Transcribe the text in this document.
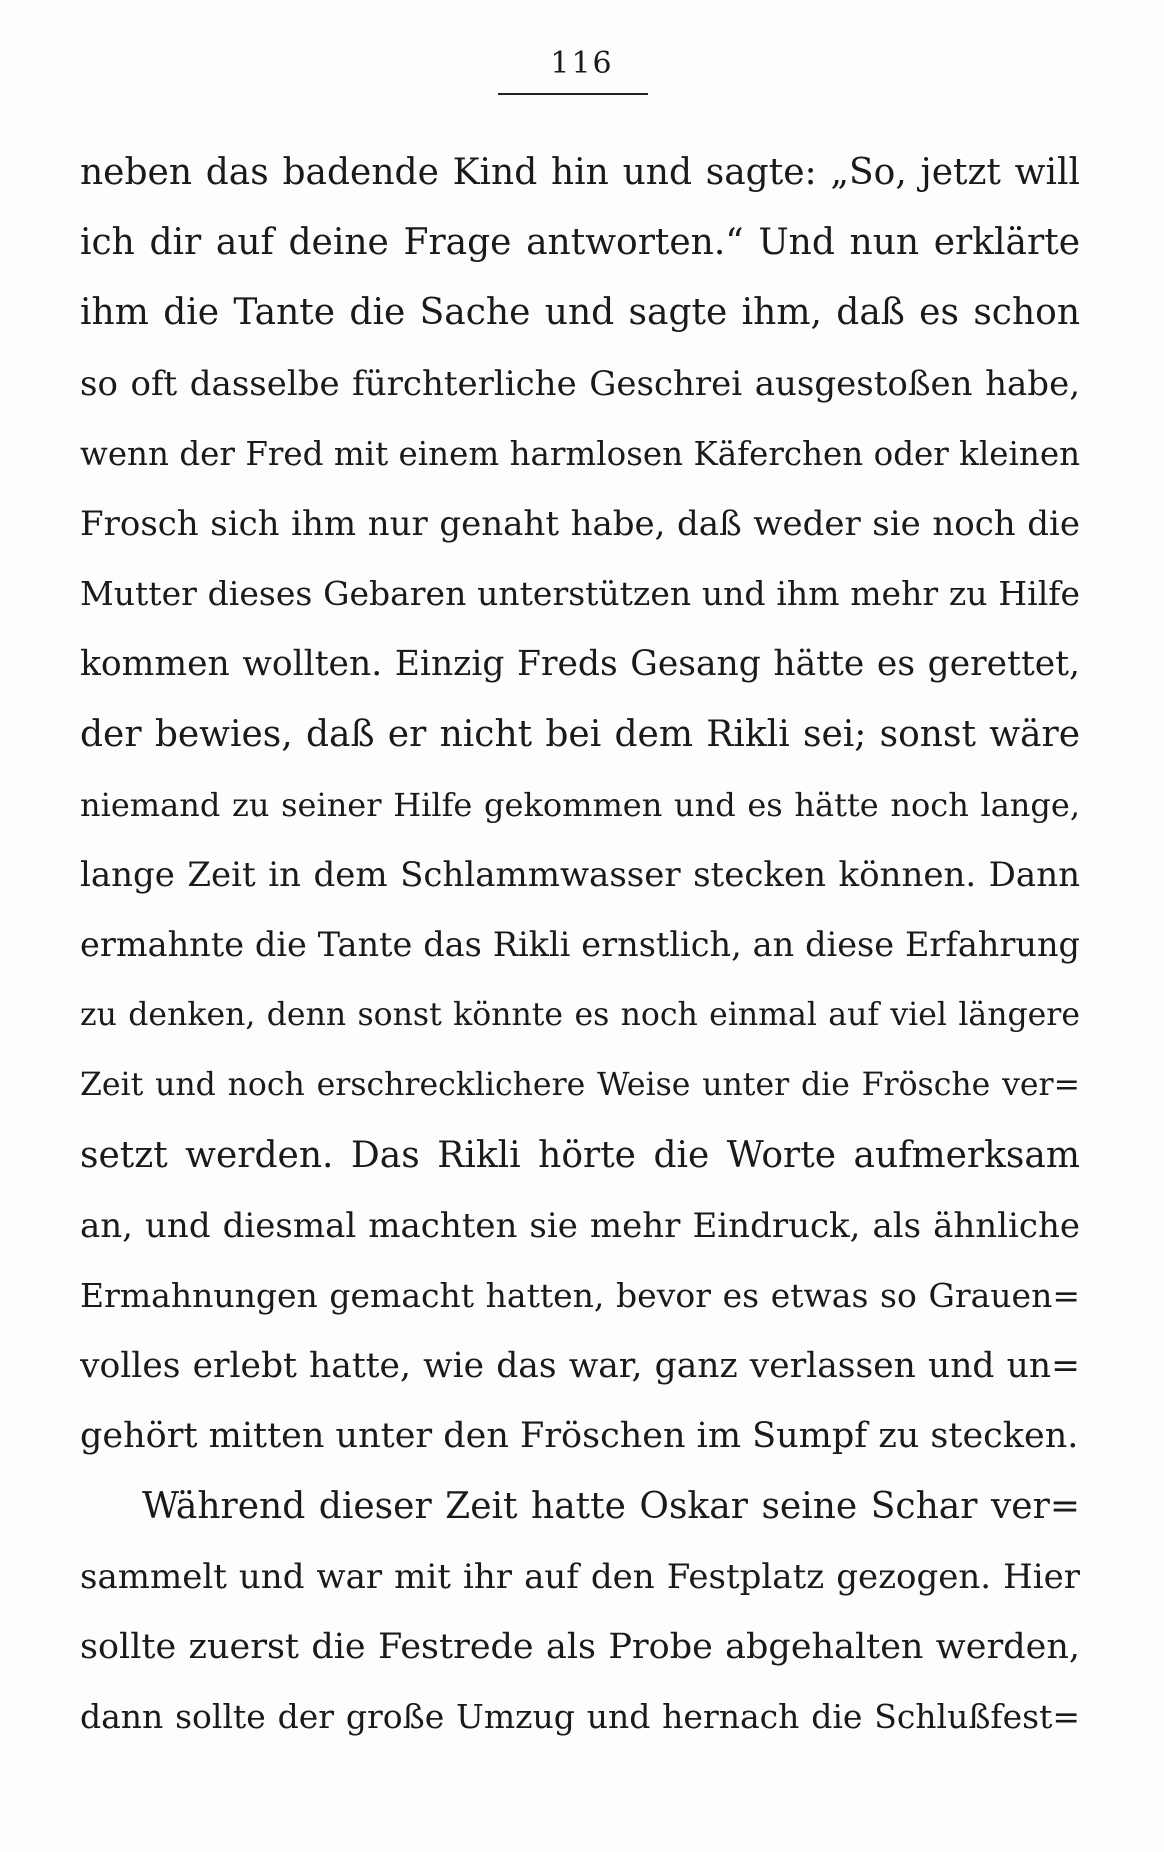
116
neben das badende Kind hin und sagte: „So, jetzt will
ich dir auf deine Frage antworten.“ Und nun erklärte
ihm die Tante die Sache und sagte ihm, daß es schon
so oft dasselbe fürchterliche Geschrei ausgestoßen habe,
wenn der Fred mit einem harmlosen Käferchen oder kleinen
Frosch sich ihm nur genaht habe, daß weder sie noch die
Mutter dieses Gebaren unterstützen und ihm mehr zu Hilfe
kommen wollten. Einzig Freds Gesang hätte es gerettet,
der bewies, daß er nicht bei dem Rikli sei; sonst wäre
niemand zu seiner Hilfe gekommen und es hätte noch lange,
lange Zeit in dem Schlammwasser stecken können. Dann
ermahnte die Tante das Rikli ernstlich, an diese Erfahrung
zu denken, denn sonst könnte es noch einmal auf viel längere
Zeit und noch erschrecklichere Weise unter die Frösche ver=
setzt werden. Das Rikli hörte die Worte aufmerksam
an, und diesmal machten sie mehr Eindruck, als ähnliche
Ermahnungen gemacht hatten, bevor es etwas so Grauen=
volles erlebt hatte, wie das war, ganz verlassen und un=
gehört mitten unter den Fröschen im Sumpf zu stecken.
Während dieser Zeit hatte Oskar seine Schar ver=
sammelt und war mit ihr auf den Festplatz gezogen. Hier
sollte zuerst die Festrede als Probe abgehalten werden,
dann sollte der große Umzug und hernach die Schlußfest=
